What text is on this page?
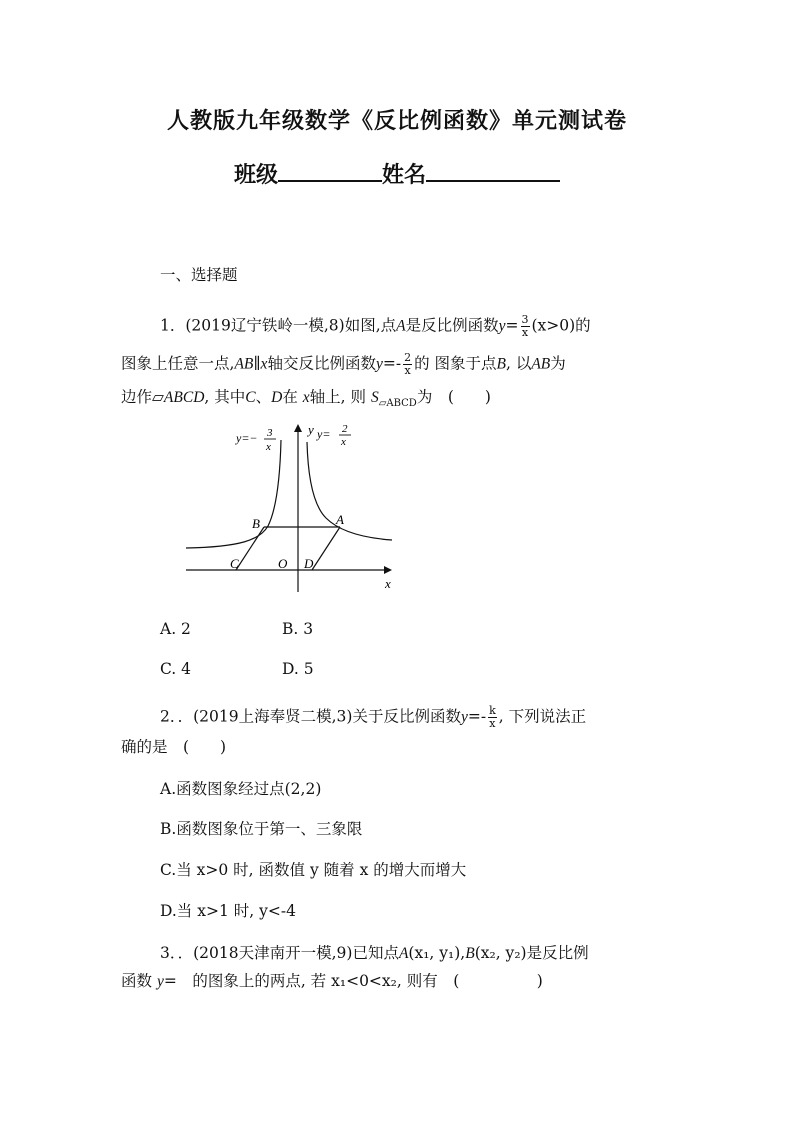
人教版九年级数学《反比例函数》单元测试卷
班级	姓名
一、选择题
1．(2019辽宁铁岭一模,8)如图,点A是反比例函数$y= \frac{3}{x} (x>0)$的
图象上任意一点,AB∥x轴交反比例函数$y=- \frac{2}{x}$ 的 图象于点B, 以AB为
边作▱ABCD, 其中C、D在 x轴上, 则 $S_{▱ABCD}$为　 (　　)
y
x
y=− 3
x
y= 2
x
B	A
C	O D
A. 2	B. 3
C. 4	D. 5
2．．(2019上海奉贤二模,3)关于反比例函数$y=- \frac{k}{x}$ , 下列说法正
确的是　(　　)
A.函数图象经过点(2,2)
B.函数图象位于第一、三象限
C.当 x>0 时, 函数值 y 随着 x 的增大而增大
D.当 x>1 时, y<-4
3．．(2018天津南开一模,9)已知点A(x₁, y₁),B(x₂, y₂)是反比例
函数 y=　的图象上的两点, 若 x₁<0<x₂, 则有　(　　　　　)
